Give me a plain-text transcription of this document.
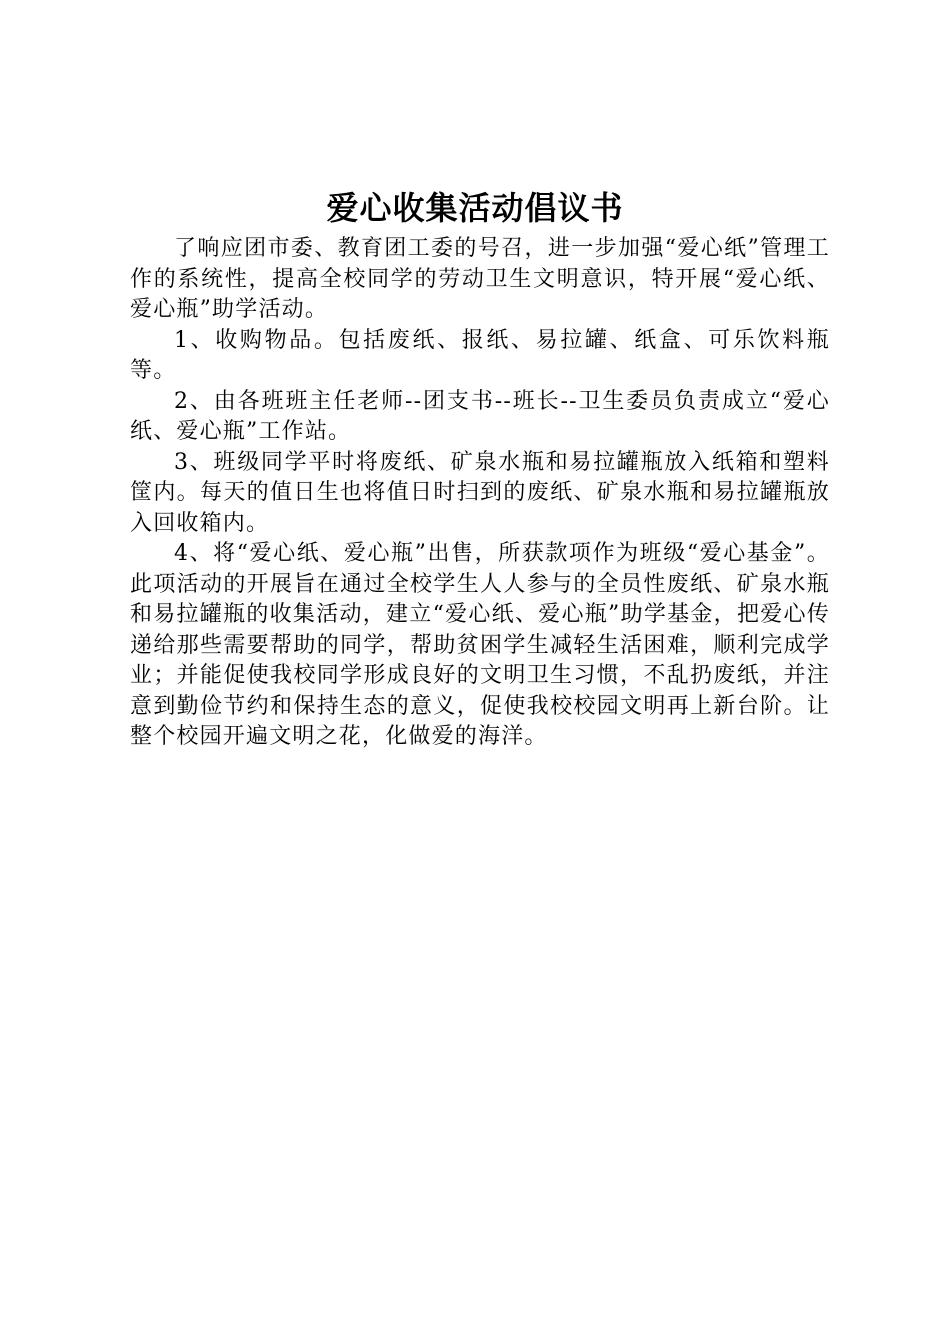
爱心收集活动倡议书

了响应团市委、教育团工委的号召，进一步加强“爱心纸”管理工作的系统性，提高全校同学的劳动卫生文明意识，特开展“爱心纸、爱心瓶”助学活动。

1、收购物品。包括废纸、报纸、易拉罐、纸盒、可乐饮料瓶等。

2、由各班班主任老师--团支书--班长--卫生委员负责成立“爱心纸、爱心瓶”工作站。

3、班级同学平时将废纸、矿泉水瓶和易拉罐瓶放入纸箱和塑料筐内。每天的值日生也将值日时扫到的废纸、矿泉水瓶和易拉罐瓶放入回收箱内。

4、将“爱心纸、爱心瓶”出售，所获款项作为班级“爱心基金”。此项活动的开展旨在通过全校学生人人参与的全员性废纸、矿泉水瓶和易拉罐瓶的收集活动，建立“爱心纸、爱心瓶”助学基金，把爱心传递给那些需要帮助的同学，帮助贫困学生减轻生活困难，顺利完成学业；并能促使我校同学形成良好的文明卫生习惯，不乱扔废纸，并注意到勤俭节约和保持生态的意义，促使我校校园文明再上新台阶。让整个校园开遍文明之花，化做爱的海洋。
